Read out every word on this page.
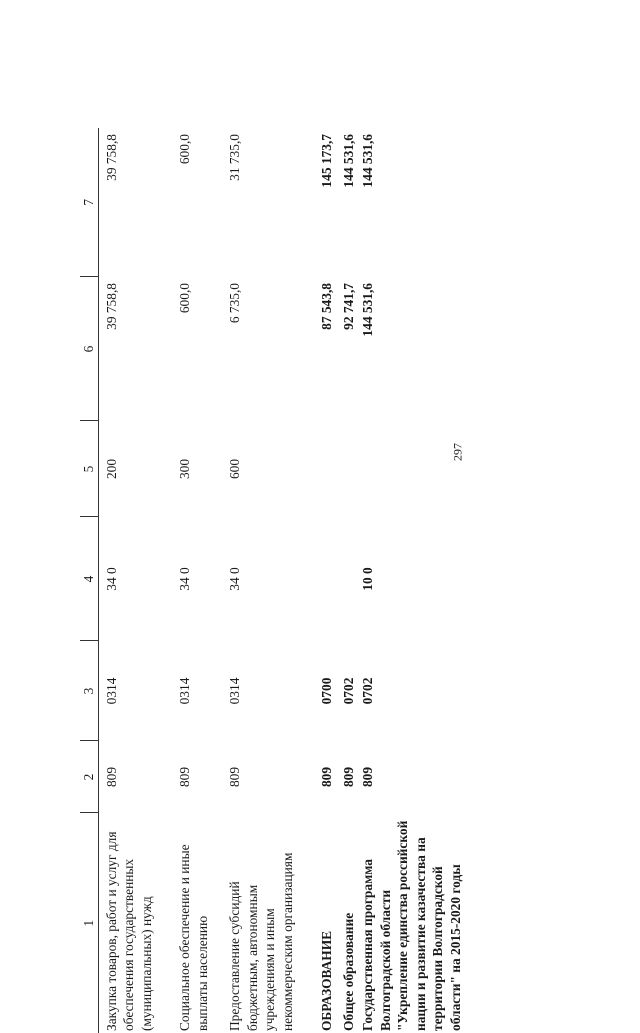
297
1	2	3	4	5	6	7
Закупка товаров, работ и услуг для обеспечения государственных (муниципальных) нужд	809	0314	34 0	200	39 758,8	39 758,8
Социальное обеспечение и иные выплаты населению	809	0314	34 0	300	600,0	600,0
Предоставление субсидий бюджетным, автономным учреждениям и иным некоммерческим организациям	809	0314	34 0	600	6 735,0	31 735,0
ОБРАЗОВАНИЕ	809	0700			87 543,8	145 173,7
Общее образование	809	0702			92 741,7	144 531,6
Государственная программа Волгоградской области "Укрепление единства российской нации и развитие казачества на территории Волгоградской области" на 2015-2020 годы	809	0702	10 0		144 531,6	144 531,6
